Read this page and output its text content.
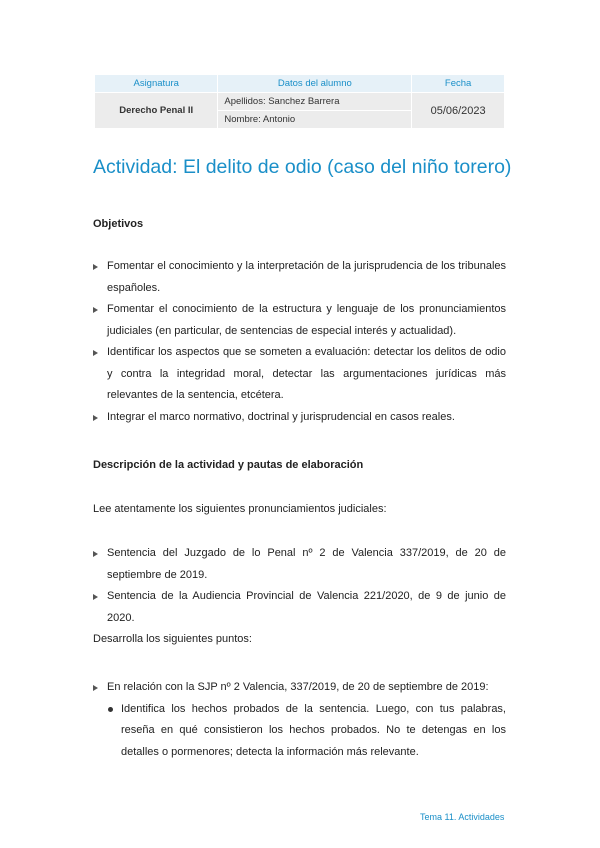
Asignatura	Datos del alumno	Fecha
Derecho Penal II	Apellidos: Sanchez Barrera	05/06/2023
	Nombre: Antonio	
Actividad: El delito de odio (caso del niño torero)

Objetivos

Fomentar el conocimiento y la interpretación de la jurisprudencia de los tribunales españoles.
Fomentar el conocimiento de la estructura y lenguaje de los pronunciamientos judiciales (en particular, de sentencias de especial interés y actualidad).
Identificar los aspectos que se someten a evaluación: detectar los delitos de odio y contra la integridad moral, detectar las argumentaciones jurídicas más relevantes de la sentencia, etcétera.
Integrar el marco normativo, doctrinal y jurisprudencial en casos reales.

Descripción de la actividad y pautas de elaboración

Lee atentamente los siguientes pronunciamientos judiciales:

Sentencia del Juzgado de lo Penal nº 2 de Valencia 337/2019, de 20 de septiembre de 2019.
Sentencia de la Audiencia Provincial de Valencia 221/2020, de 9 de junio de 2020.

Desarrolla los siguientes puntos:

En relación con la SJP nº 2 Valencia, 337/2019, de 20 de septiembre de 2019:
Identifica los hechos probados de la sentencia. Luego, con tus palabras, reseña en qué consistieron los hechos probados. No te detengas en los detalles o pormenores; detecta la información más relevante.
Tema 11. Actividades
